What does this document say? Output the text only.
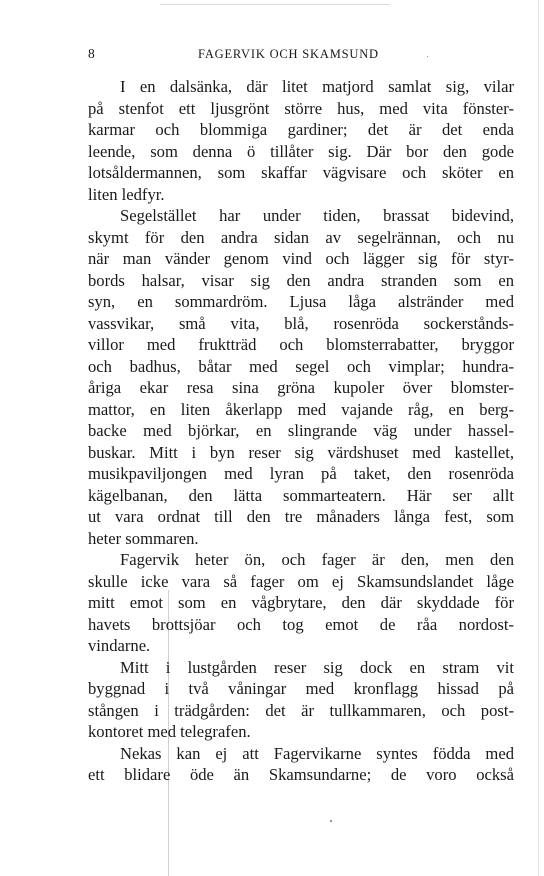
8	FAGERVIK OCH SKAMSUND
I en dalsänka, där litet matjord samlat sig, vilar
på stenfot ett ljusgrönt större hus, med vita fönster-
karmar och blommiga gardiner; det är det enda
leende, som denna ö tillåter sig. Där bor den gode
lotsåldermannen, som skaffar vägvisare och sköter en
liten ledfyr.
Segelstället har under tiden, brassat bidevind,
skymt för den andra sidan av segelrännan, och nu
när man vänder genom vind och lägger sig för styr-
bords halsar, visar sig den andra stranden som en
syn, en sommardröm. Ljusa låga alstränder med
vassvikar, små vita, blå, rosenröda sockerstånds-
villor med fruktträd och blomsterrabatter, bryggor
och badhus, båtar med segel och vimplar; hundra-
åriga ekar resa sina gröna kupoler över blomster-
mattor, en liten åkerlapp med vajande råg, en berg-
backe med björkar, en slingrande väg under hassel-
buskar. Mitt i byn reser sig värdshuset med kastellet,
musikpaviljongen med lyran på taket, den rosenröda
kägelbanan, den lätta sommarteatern. Här ser allt
ut vara ordnat till den tre månaders långa fest, som
heter sommaren.
Fagervik heter ön, och fager är den, men den
skulle icke vara så fager om ej Skamsundslandet låge
mitt emot som en vågbrytare, den där skyddade för
havets brottsjöar och tog emot de råa nordost-
vindarne.
Mitt i lustgården reser sig dock en stram vit
byggnad i två våningar med kronflagg hissad på
stången i trädgården: det är tullkammaren, och post-
kontoret med telegrafen.
Nekas kan ej att Fagervikarne syntes födda med
ett blidare öde än Skamsundarne; de voro också
